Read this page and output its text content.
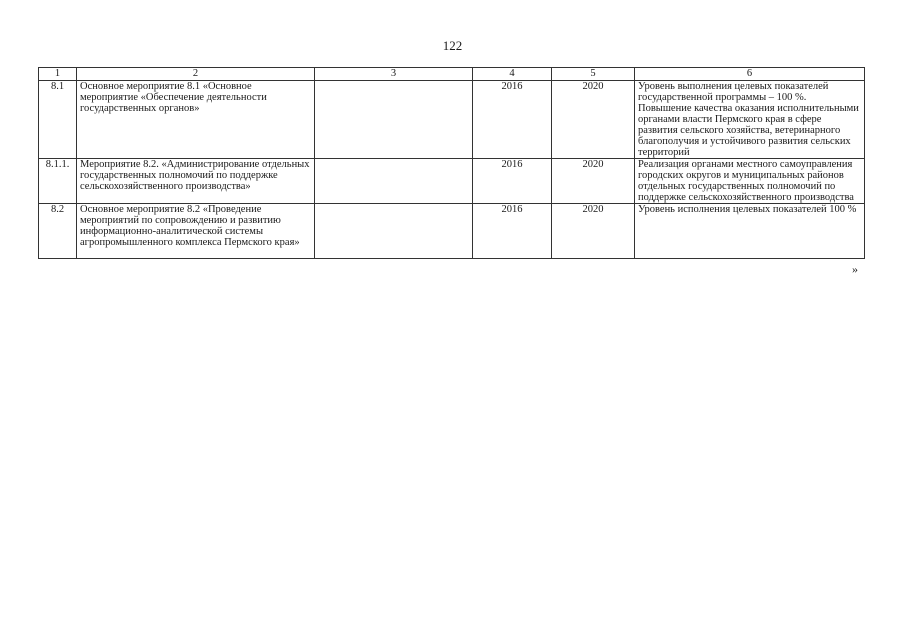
122
1	2	3	4	5	6
8.1	Основное мероприятие 8.1 «Основное мероприятие «Обеспечение деятельности государственных органов»		2016	2020	Уровень выполнения целевых показателей государственной программы – 100 %. Повышение качества оказания исполнительными органами власти Пермского края в сфере развития сельского хозяйства, ветеринарного благополучия и устойчивого развития сельских территорий
8.1.1.	Мероприятие 8.2. «Администрирование отдельных государственных полномочий по поддержке сельскохозяйственного производства»		2016	2020	Реализация органами местного самоуправления городских округов и муниципальных районов отдельных государственных полномочий по поддержке сельскохозяйственного производства
8.2	Основное мероприятие 8.2 «Проведение мероприятий по сопровождению и развитию информационно-аналитической системы агропромышленного комплекса Пермского края»		2016	2020	Уровень исполнения целевых показателей 100 %
»
